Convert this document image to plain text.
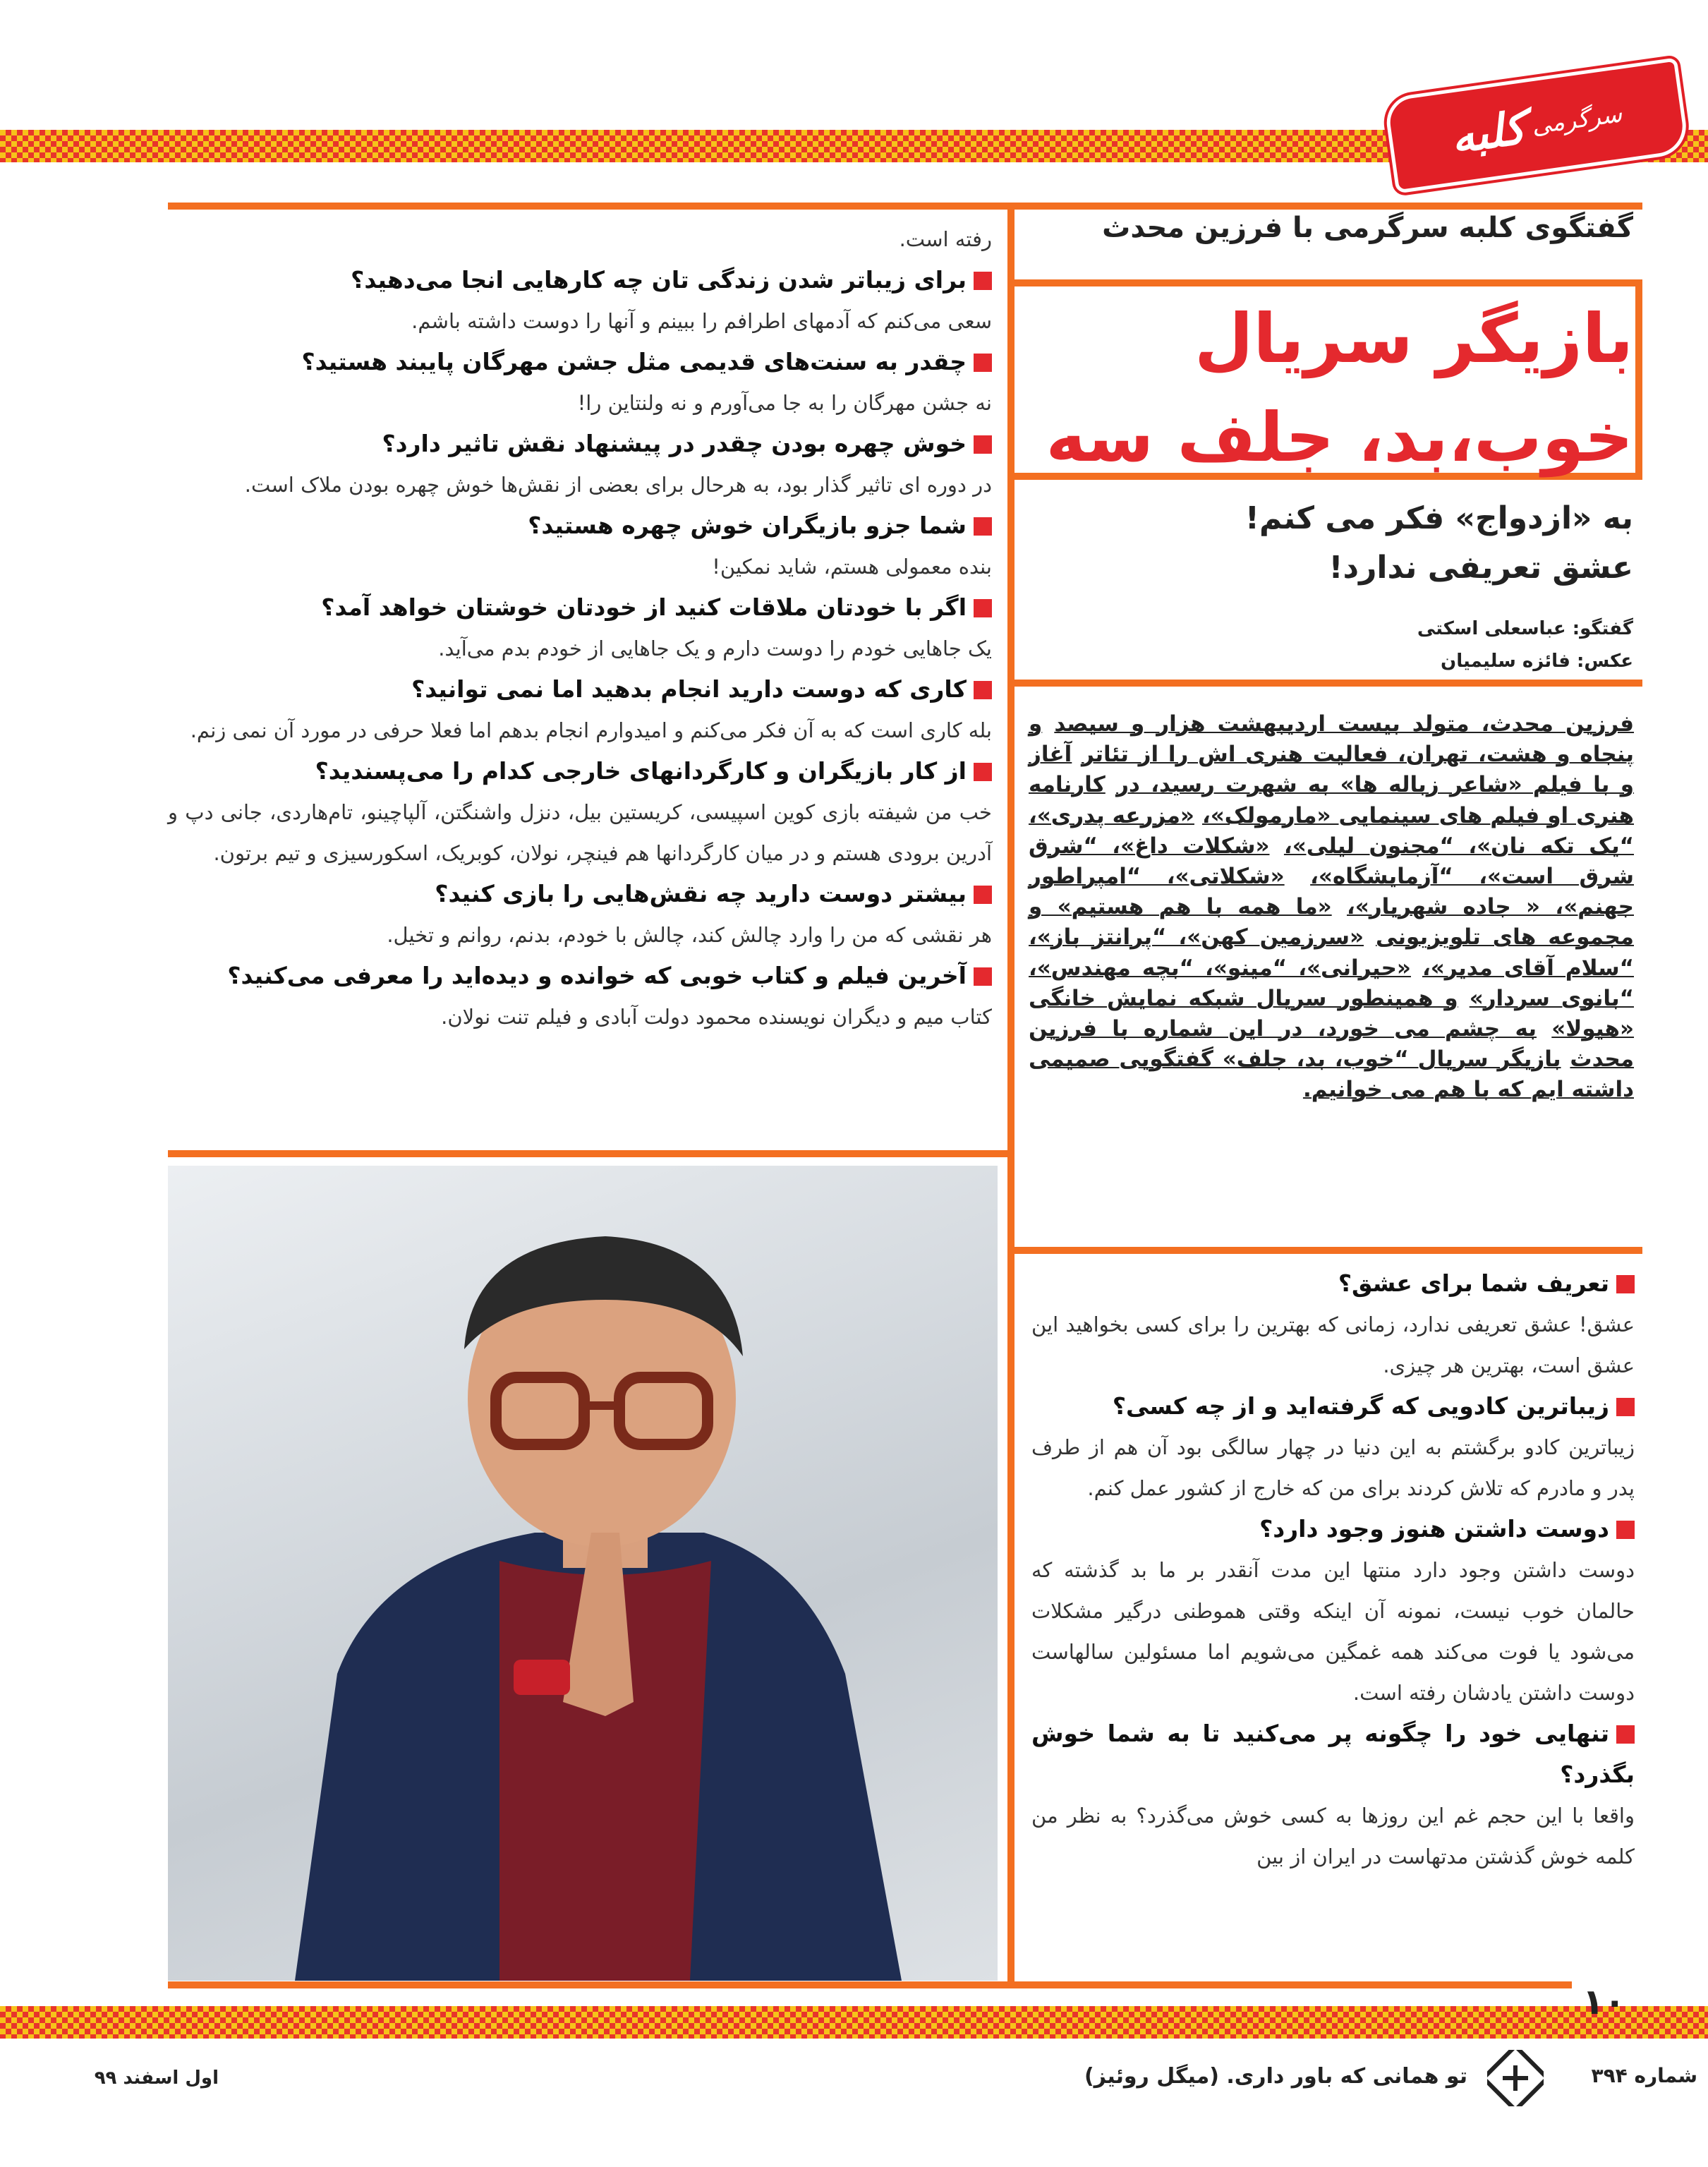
کلبه سرگرمی
گفتگوی کلبه سرگرمی با فرزین محدث
بازیگر سریال
خوب،بد، جلف سه
به «ازدواج» فکر می کنم!
عشق تعریفی ندارد!
گفتگو: عباسعلی اسکتی
عکس: فائزه سلیمیان
فرزین محدث، متولد بیست اردیبهشت هزار و سیصد و پنجاه و هشت، تهران، فعالیت هنری اش را از تئاتر آغاز و با فیلم «شاعر زباله ها» به شهرت رسید، در کارنامه هنری او فیلم های سینمایی «مارمولک»، «مزرعه پدری»، “یک تکه نان»، “مجنون لیلی»، «شکلات داغ»، “شرق شرق است»، “آزمایشگاه»، «شکلاتی»، “امپراطور جهنم»، « جاده شهریار»، «ما همه با هم هستیم» و مجموعه های تلویزیونی «سرزمین کهن»، “پرانتز باز»، “سلام آقای مدیر»، «حیرانی»، “مینو»، “بچه مهندس»، “بانوی سردار» و همینطور سریال شبکه نمایش خانگی «هیولا» به چشم می خورد، در این شماره با فرزین محدث بازیگر سریال “خوب، بد، جلف» گفتگویی صمیمی داشته ایم که با هم می خوانیم.
تعریف شما برای عشق؟
عشق! عشق تعریفی ندارد، زمانی که بهترین را برای کسی بخواهید این عشق است، بهترین هر چیزی.
زیباترین کادویی که گرفته‌اید و از چه کسی؟
زیباترین کادو برگشتم به این دنیا در چهار سالگی بود آن هم از طرف پدر و مادرم که تلاش کردند برای من که خارج از کشور عمل کنم.
دوست داشتن هنوز وجود دارد؟
دوست داشتن وجود دارد منتها این مدت آنقدر بر ما بد گذشته که حالمان خوب نیست، نمونه آن اینکه وقتی هموطنی درگیر مشکلات می‌شود یا فوت می‌کند همه غمگین می‌شویم اما مسئولین سالهاست دوست داشتن یادشان رفته است.
تنهایی خود را چگونه پر می‌کنید تا به شما خوش بگذرد؟
واقعا با این حجم غم این روزها به کسی خوش می‌گذرد؟ به نظر من کلمه خوش گذشتن مدتهاست در ایران از بین
رفته است.
برای زیباتر شدن زندگی تان چه کارهایی انجا می‌دهید؟
سعی می‌کنم که آدمهای اطرافم را ببینم و آنها را دوست داشته باشم.
چقدر به سنت‌های قدیمی مثل جشن مهرگان پایبند هستید؟
نه جشن مهرگان را به جا می‌آورم و نه ولنتاین را!
خوش چهره بودن چقدر در پیشنهاد نقش تاثیر دارد؟
در دوره ای تاثیر گذار بود، به هرحال برای بعضی از نقش‌ها خوش چهره بودن ملاک است.
شما جزو بازیگران خوش چهره هستید؟
بنده معمولی هستم، شاید نمکین!
اگر با خودتان ملاقات کنید از خودتان خوشتان خواهد آمد؟
یک جاهایی خودم را دوست دارم و یک جاهایی از خودم بدم می‌آید.
کاری که دوست دارید انجام بدهید اما نمی توانید؟
بله کاری است که به آن فکر می‌کنم و امیدوارم انجام بدهم اما فعلا حرفی در مورد آن نمی زنم.
از کار بازیگران و کارگردانهای خارجی کدام را می‌پسندید؟
خب من شیفته بازی کوین اسپیسی، کریستین بیل، دنزل واشنگتن، آلپاچینو، تام‌هاردی، جانی دپ و آدرین برودی هستم و در میان کارگردانها هم فینچر، نولان، کوبریک، اسکورسیزی و تیم برتون.
بیشتر دوست دارید چه نقش‌هایی را بازی کنید؟
هر نقشی که من را وارد چالش کند، چالش با خودم، بدنم، روانم و تخیل.
آخرین فیلم و کتاب خوبی که خوانده و دیده‌اید را معرفی می‌کنید؟
کتاب میم و دیگران نویسنده محمود دولت آبادی و فیلم تنت نولان.
۱۰
تو همانی که باور داری. (میگل روئیز)	شماره ۳۹۴
اول اسفند ۹۹
